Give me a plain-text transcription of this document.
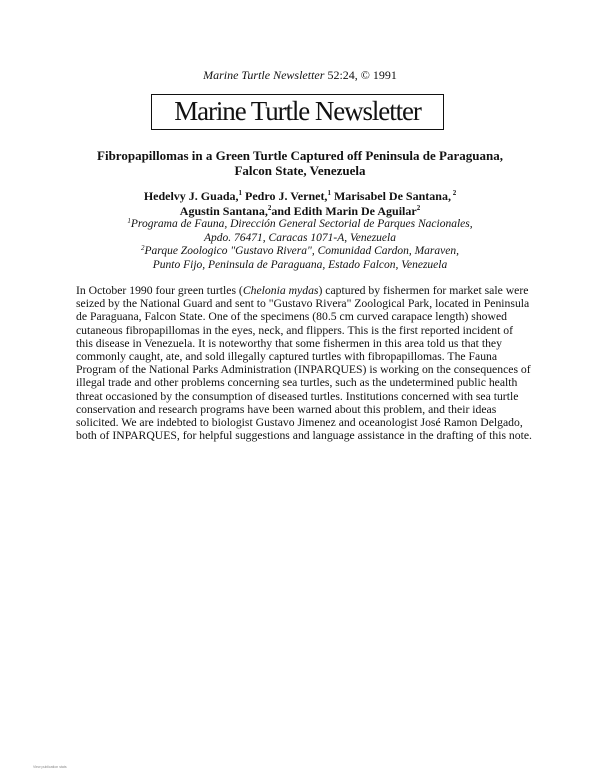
Marine Turtle Newsletter 52:24, © 1991
Marine Turtle Newsletter
Fibropapillomas in a Green Turtle Captured off Peninsula de Paraguana,
Falcon State, Venezuela
Hedelvy J. Guada,$^1$ Pedro J. Vernet,$^1$ Marisabel De Santana, $^2$
Agustin Santana,$^2$and Edith Marin De Aguilar$^2$
$^1$Programa de Fauna, Dirección General Sectorial de Parques Nacionales,
Apdo. 76471, Caracas 1071-A, Venezuela
$^2$Parque Zoologico "Gustavo Rivera", Comunidad Cardon, Maraven,
Punto Fijo, Peninsula de Paraguana, Estado Falcon, Venezuela
In October 1990 four green turtles (Chelonia mydas) captured by fishermen for market sale were seized by the National Guard and sent to "Gustavo Rivera" Zoological Park, located in Peninsula de Paraguana, Falcon State. One of the specimens (80.5 cm curved carapace length) showed cutaneous fibropapillomas in the eyes, neck, and flippers. This is the first reported incident of this disease in Venezuela. It is noteworthy that some fishermen in this area told us that they commonly caught, ate, and sold illegally captured turtles with fibropapillomas. The Fauna Program of the National Parks Administration (INPARQUES) is working on the consequences of illegal trade and other problems concerning sea turtles, such as the undetermined public health threat occasioned by the consumption of diseased turtles. Institutions concerned with sea turtle conservation and research programs have been warned about this problem, and their ideas solicited. We are indebted to biologist Gustavo Jimenez and oceanologist José Ramon Delgado, both of INPARQUES, for helpful suggestions and language assistance in the drafting of this note.
View publication stats
